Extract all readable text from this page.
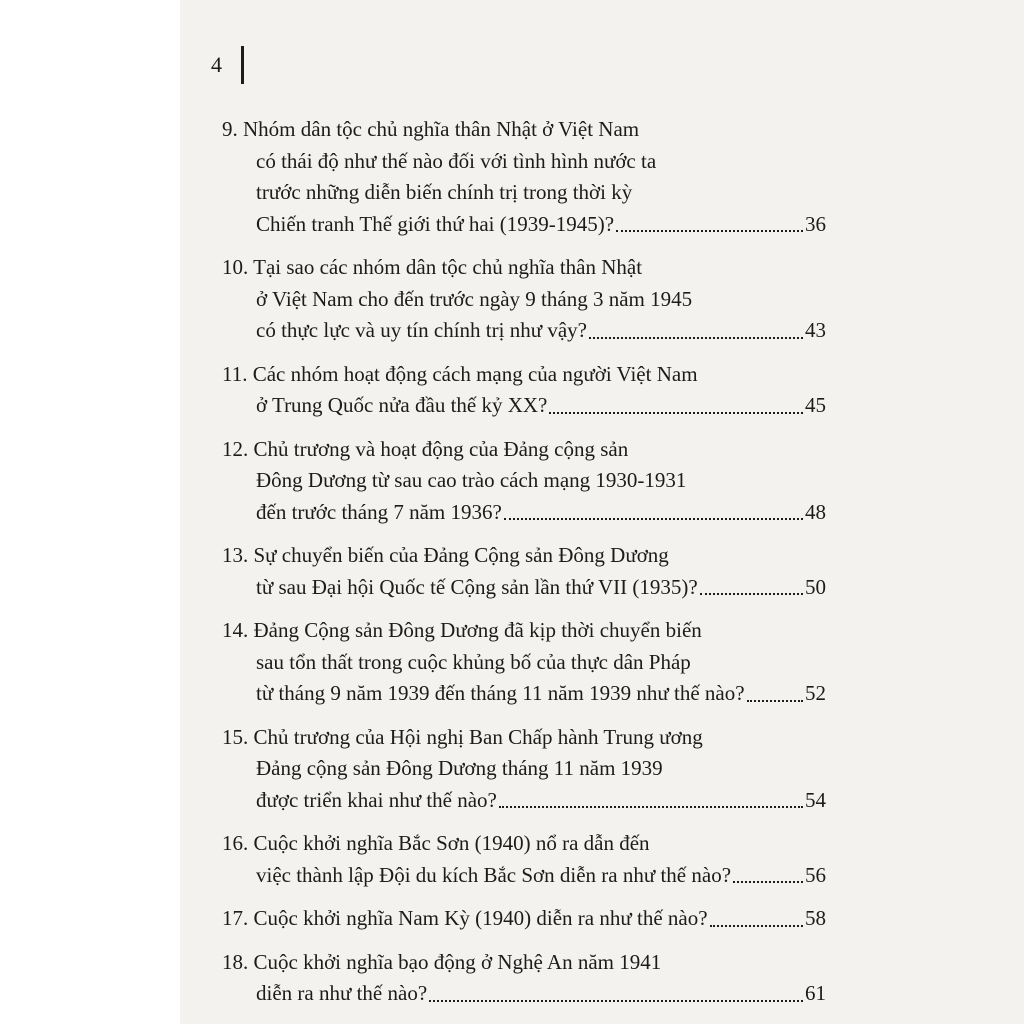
4
9. Nhóm dân tộc chủ nghĩa thân Nhật ở Việt Nam
có thái độ như thế nào đối với tình hình nước ta
trước những diễn biến chính trị trong thời kỳ
Chiến tranh Thế giới thứ hai (1939-1945)?	36
10. Tại sao các nhóm dân tộc chủ nghĩa thân Nhật
ở Việt Nam cho đến trước ngày 9 tháng 3 năm 1945
có thực lực và uy tín chính trị như vậy?	43
11. Các nhóm hoạt động cách mạng của người Việt Nam
ở Trung Quốc nửa đầu thế kỷ XX?	45
12. Chủ trương và hoạt động của Đảng cộng sản
Đông Dương từ sau cao trào cách mạng 1930-1931
đến trước tháng 7 năm 1936?	48
13. Sự chuyển biến của Đảng Cộng sản Đông Dương
từ sau Đại hội Quốc tế Cộng sản lần thứ VII (1935)?	50
14. Đảng Cộng sản Đông Dương đã kịp thời chuyển biến
sau tổn thất trong cuộc khủng bố của thực dân Pháp
từ tháng 9 năm 1939 đến tháng 11 năm 1939 như thế nào?	52
15. Chủ trương của Hội nghị Ban Chấp hành Trung ương
Đảng cộng sản Đông Dương tháng 11 năm 1939
được triển khai như thế nào?	54
16. Cuộc khởi nghĩa Bắc Sơn (1940) nổ ra dẫn đến
việc thành lập Đội du kích Bắc Sơn diễn ra như thế nào?	56
17. Cuộc khởi nghĩa Nam Kỳ (1940) diễn ra như thế nào?	58
18. Cuộc khởi nghĩa bạo động ở Nghệ An năm 1941
diễn ra như thế nào?	61
